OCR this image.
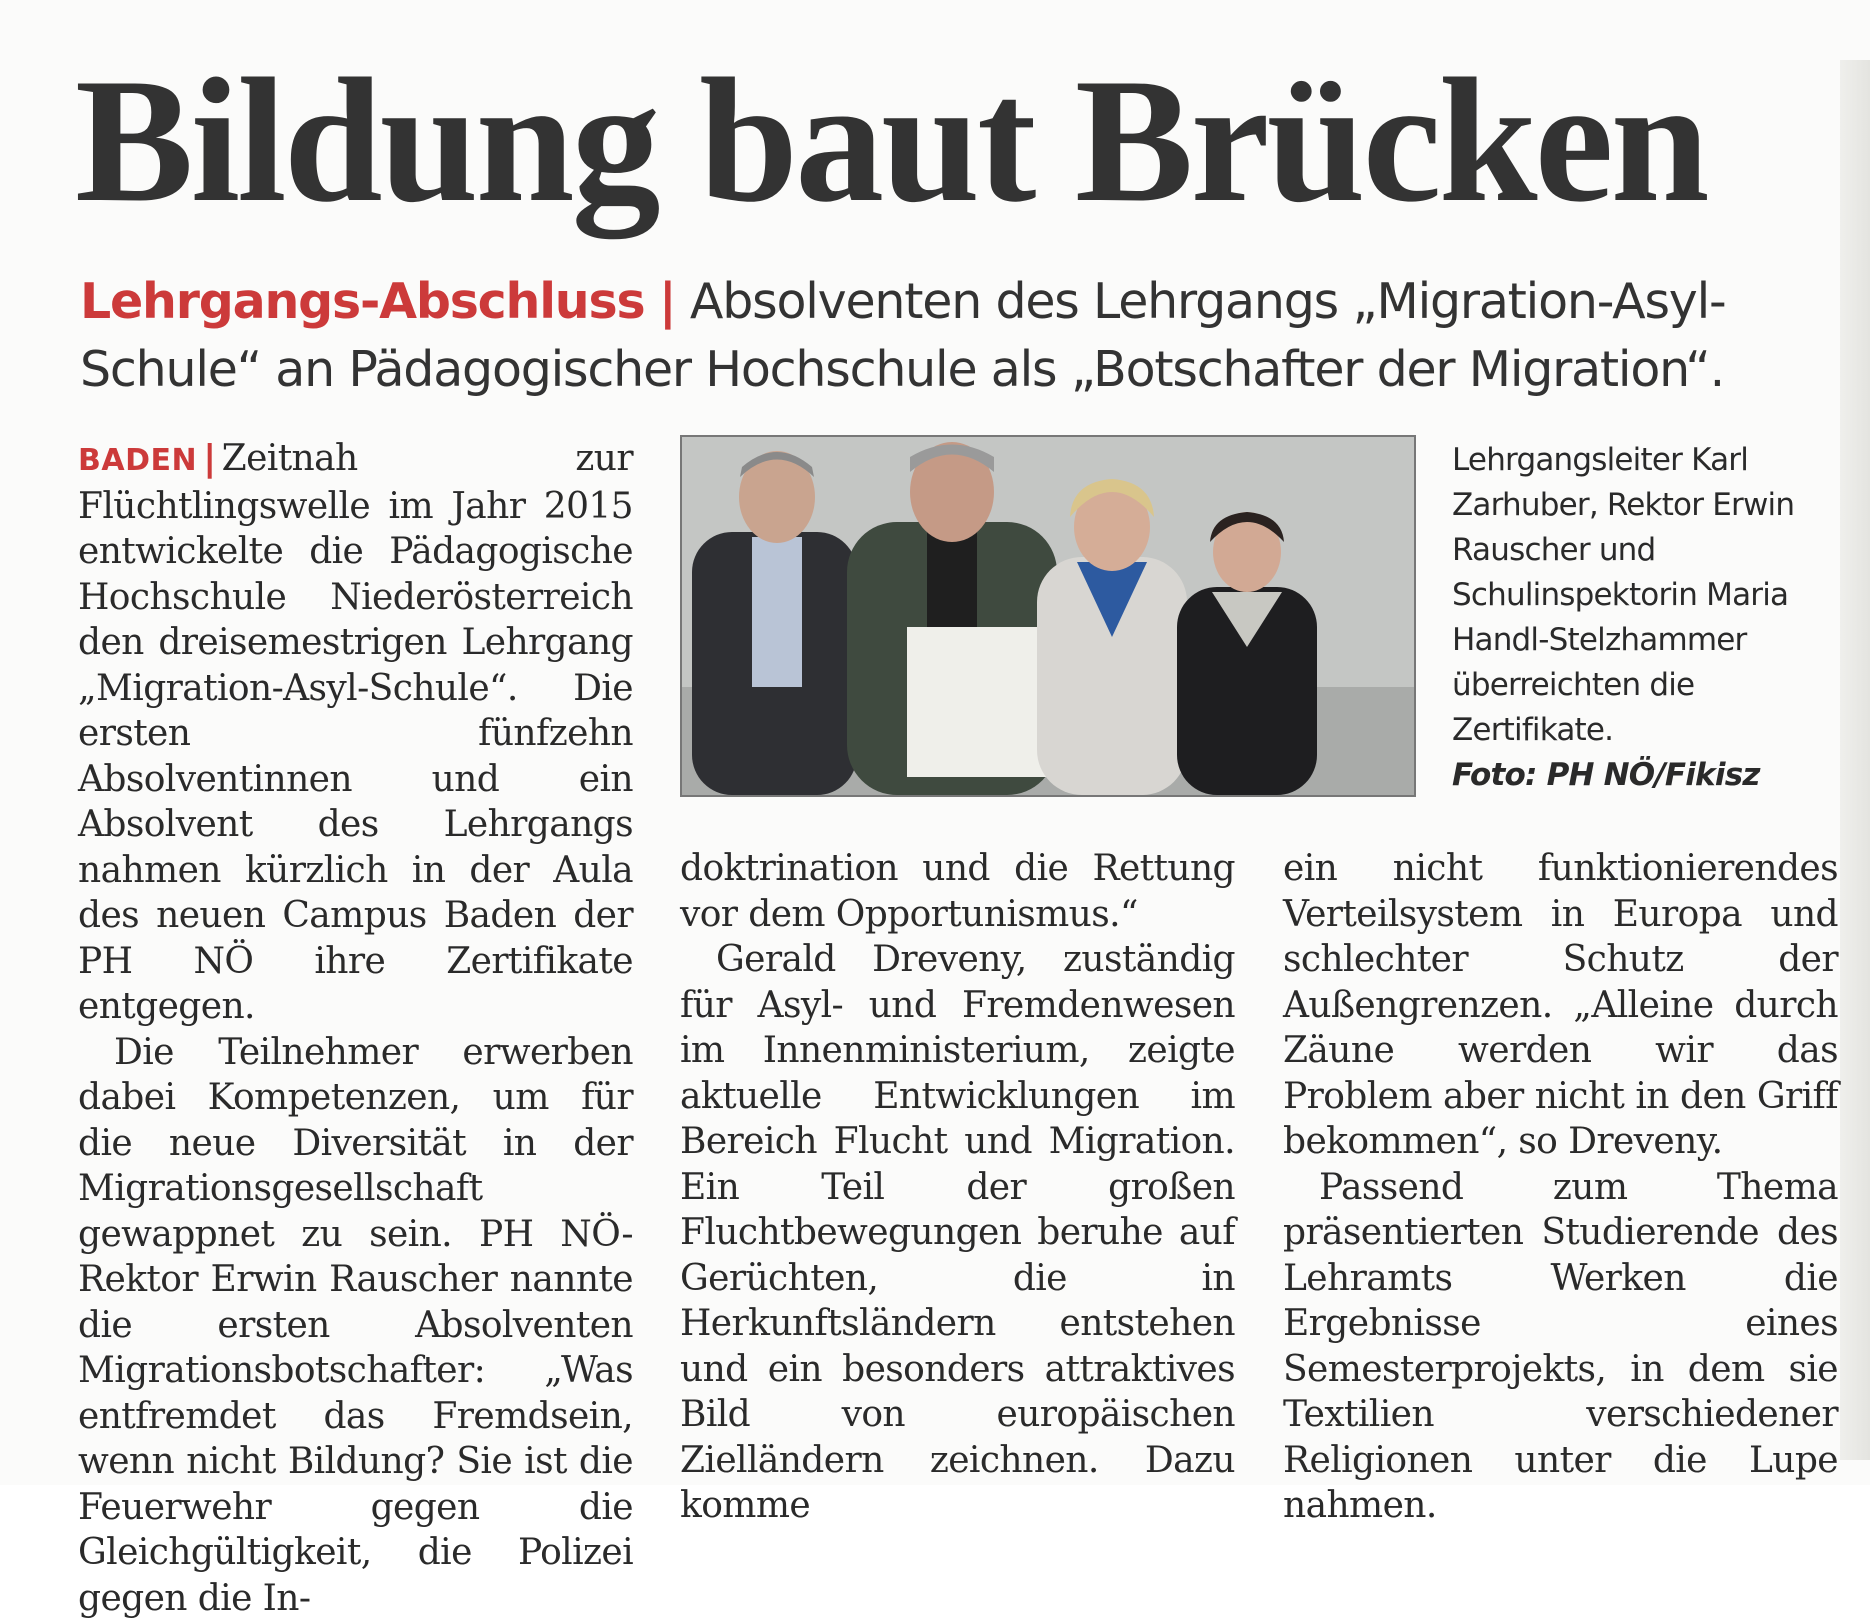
Bildung baut Brücken

Lehrgangs-Abschluss | Absolventen des Lehrgangs „Migration-Asyl-Schule“ an Pädagogischer Hochschule als „Botschafter der Migration“.

BADEN | Zeitnah zur Flüchtlingswelle im Jahr 2015 entwickelte die Pädagogische Hochschule Niederösterreich den dreisemestrigen Lehrgang „Migration-Asyl-Schule“. Die ersten fünfzehn Absolventinnen und ein Absolvent des Lehrgangs nahmen kürzlich in der Aula des neuen Campus Baden der PH NÖ ihre Zertifikate entgegen.

Die Teilnehmer erwerben dabei Kompetenzen, um für die neue Diversität in der Migrationsgesellschaft gewappnet zu sein. PH NÖ-Rektor Erwin Rauscher nannte die ersten Absolventen Migrationsbotschafter: „Was entfremdet das Fremdsein, wenn nicht Bildung? Sie ist die Feuerwehr gegen die Gleichgültigkeit, die Polizei gegen die In-

Lehrgangsleiter Karl Zarhuber, Rektor Erwin Rauscher und Schulinspektorin Maria Handl-Stelzhammer überreichten die Zertifikate.
Foto: PH NÖ/Fikisz

doktrination und die Rettung vor dem Opportunismus.“

Gerald Dreveny, zuständig für Asyl- und Fremdenwesen im Innenministerium, zeigte aktuelle Entwicklungen im Bereich Flucht und Migration. Ein Teil der großen Fluchtbewegungen beruhe auf Gerüchten, die in Herkunftsländern entstehen und ein besonders attraktives Bild von europäischen Zielländern zeichnen. Dazu komme

ein nicht funktionierendes Verteilsystem in Europa und schlechter Schutz der Außengrenzen. „Alleine durch Zäune werden wir das Problem aber nicht in den Griff bekommen“, so Dreveny.

Passend zum Thema präsentierten Studierende des Lehramts Werken die Ergebnisse eines Semesterprojekts, in dem sie Textilien verschiedener Religionen unter die Lupe nahmen.
